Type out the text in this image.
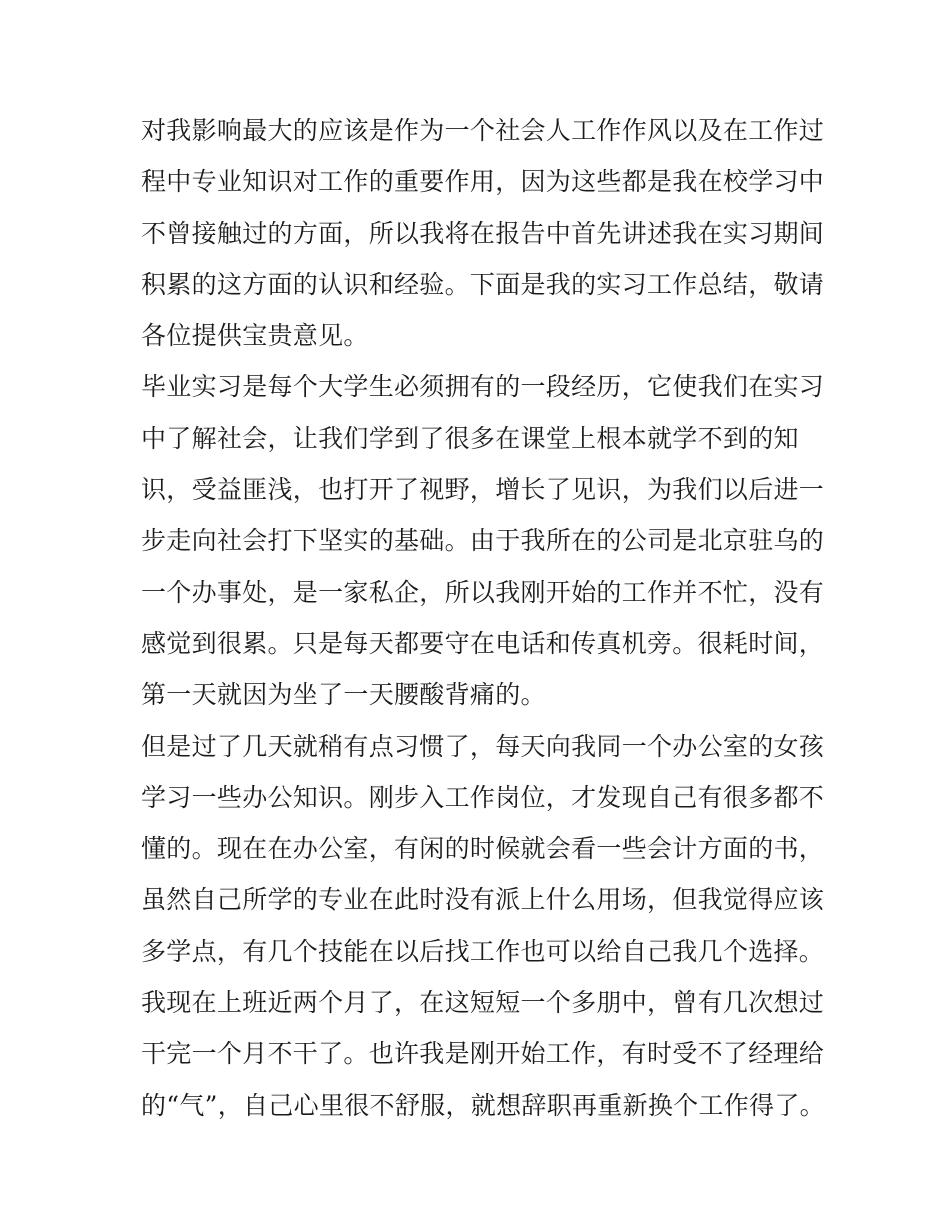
对我影响最大的应该是作为一个社会人工作作风以及在工作过
程中专业知识对工作的重要作用，因为这些都是我在校学习中
不曾接触过的方面，所以我将在报告中首先讲述我在实习期间
积累的这方面的认识和经验。下面是我的实习工作总结，敬请
各位提供宝贵意见。
毕业实习是每个大学生必须拥有的一段经历，它使我们在实习
中了解社会，让我们学到了很多在课堂上根本就学不到的知
识，受益匪浅，也打开了视野，增长了见识，为我们以后进一
步走向社会打下坚实的基础。由于我所在的公司是北京驻乌的
一个办事处，是一家私企，所以我刚开始的工作并不忙，没有
感觉到很累。只是每天都要守在电话和传真机旁。很耗时间，
第一天就因为坐了一天腰酸背痛的。
但是过了几天就稍有点习惯了，每天向我同一个办公室的女孩
学习一些办公知识。刚步入工作岗位，才发现自己有很多都不
懂的。现在在办公室，有闲的时候就会看一些会计方面的书，
虽然自己所学的专业在此时没有派上什么用场，但我觉得应该
多学点，有几个技能在以后找工作也可以给自己我几个选择。
我现在上班近两个月了，在这短短一个多朋中，曾有几次想过
干完一个月不干了。也许我是刚开始工作，有时受不了经理给
的“气”，自己心里很不舒服，就想辞职再重新换个工作得了。
